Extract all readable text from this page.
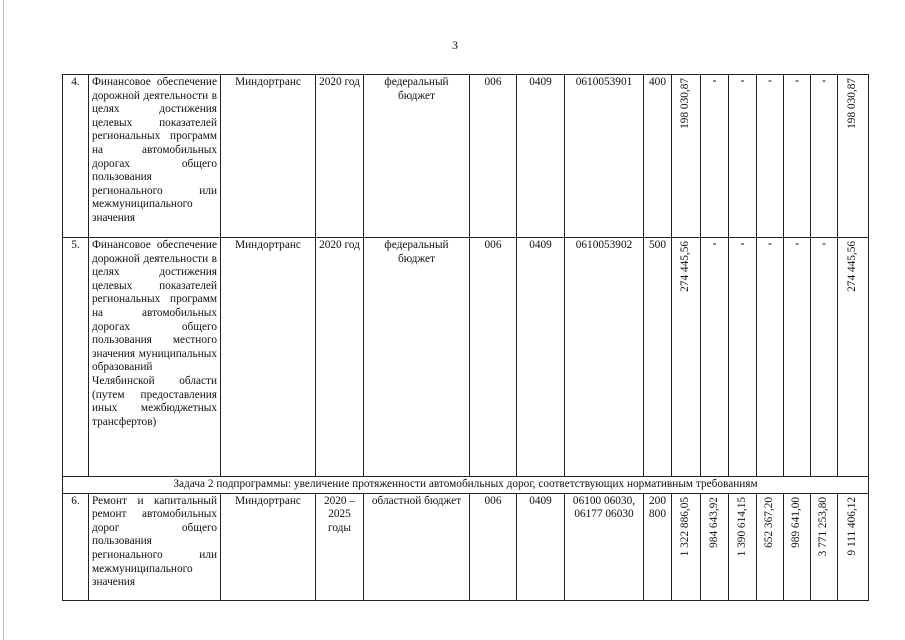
3
4.	Финансовое обеспечение дорожной деятельности в целях достижения целевых показателей региональных программ на автомобильных дорогах общего пользования регионального или межмуниципального значения	Миндортранс	2020 год	федеральный бюджет	006	0409	0610053901	400	198 030,87	-	-	-	-	-	198 030,87

5.	Финансовое обеспечение дорожной деятельности в целях достижения целевых показателей региональных программ на автомобильных дорогах общего пользования местного значения муниципальных образований Челябинской области (путем предоставления иных межбюджетных трансфертов)	Миндортранс	2020 год	федеральный бюджет	006	0409	0610053902	500	274 445,56	-	-	-	-	-	274 445,56

Задача 2 подпрограммы: увеличение протяженности автомобильных дорог, соответствующих нормативным требованиям															
6.	Ремонт и капитальный ремонт автомобильных дорог общего пользования регионального или межмуниципального значения	Миндортранс	2020 – 2025 годы	областной бюджет	006	0409	06100 06030, 06177 06030	200 800	1 322 886,05	984 643,92	1 390 614,15	652 367,20	989 641,00	3 771 253,80	9 111 406,12
